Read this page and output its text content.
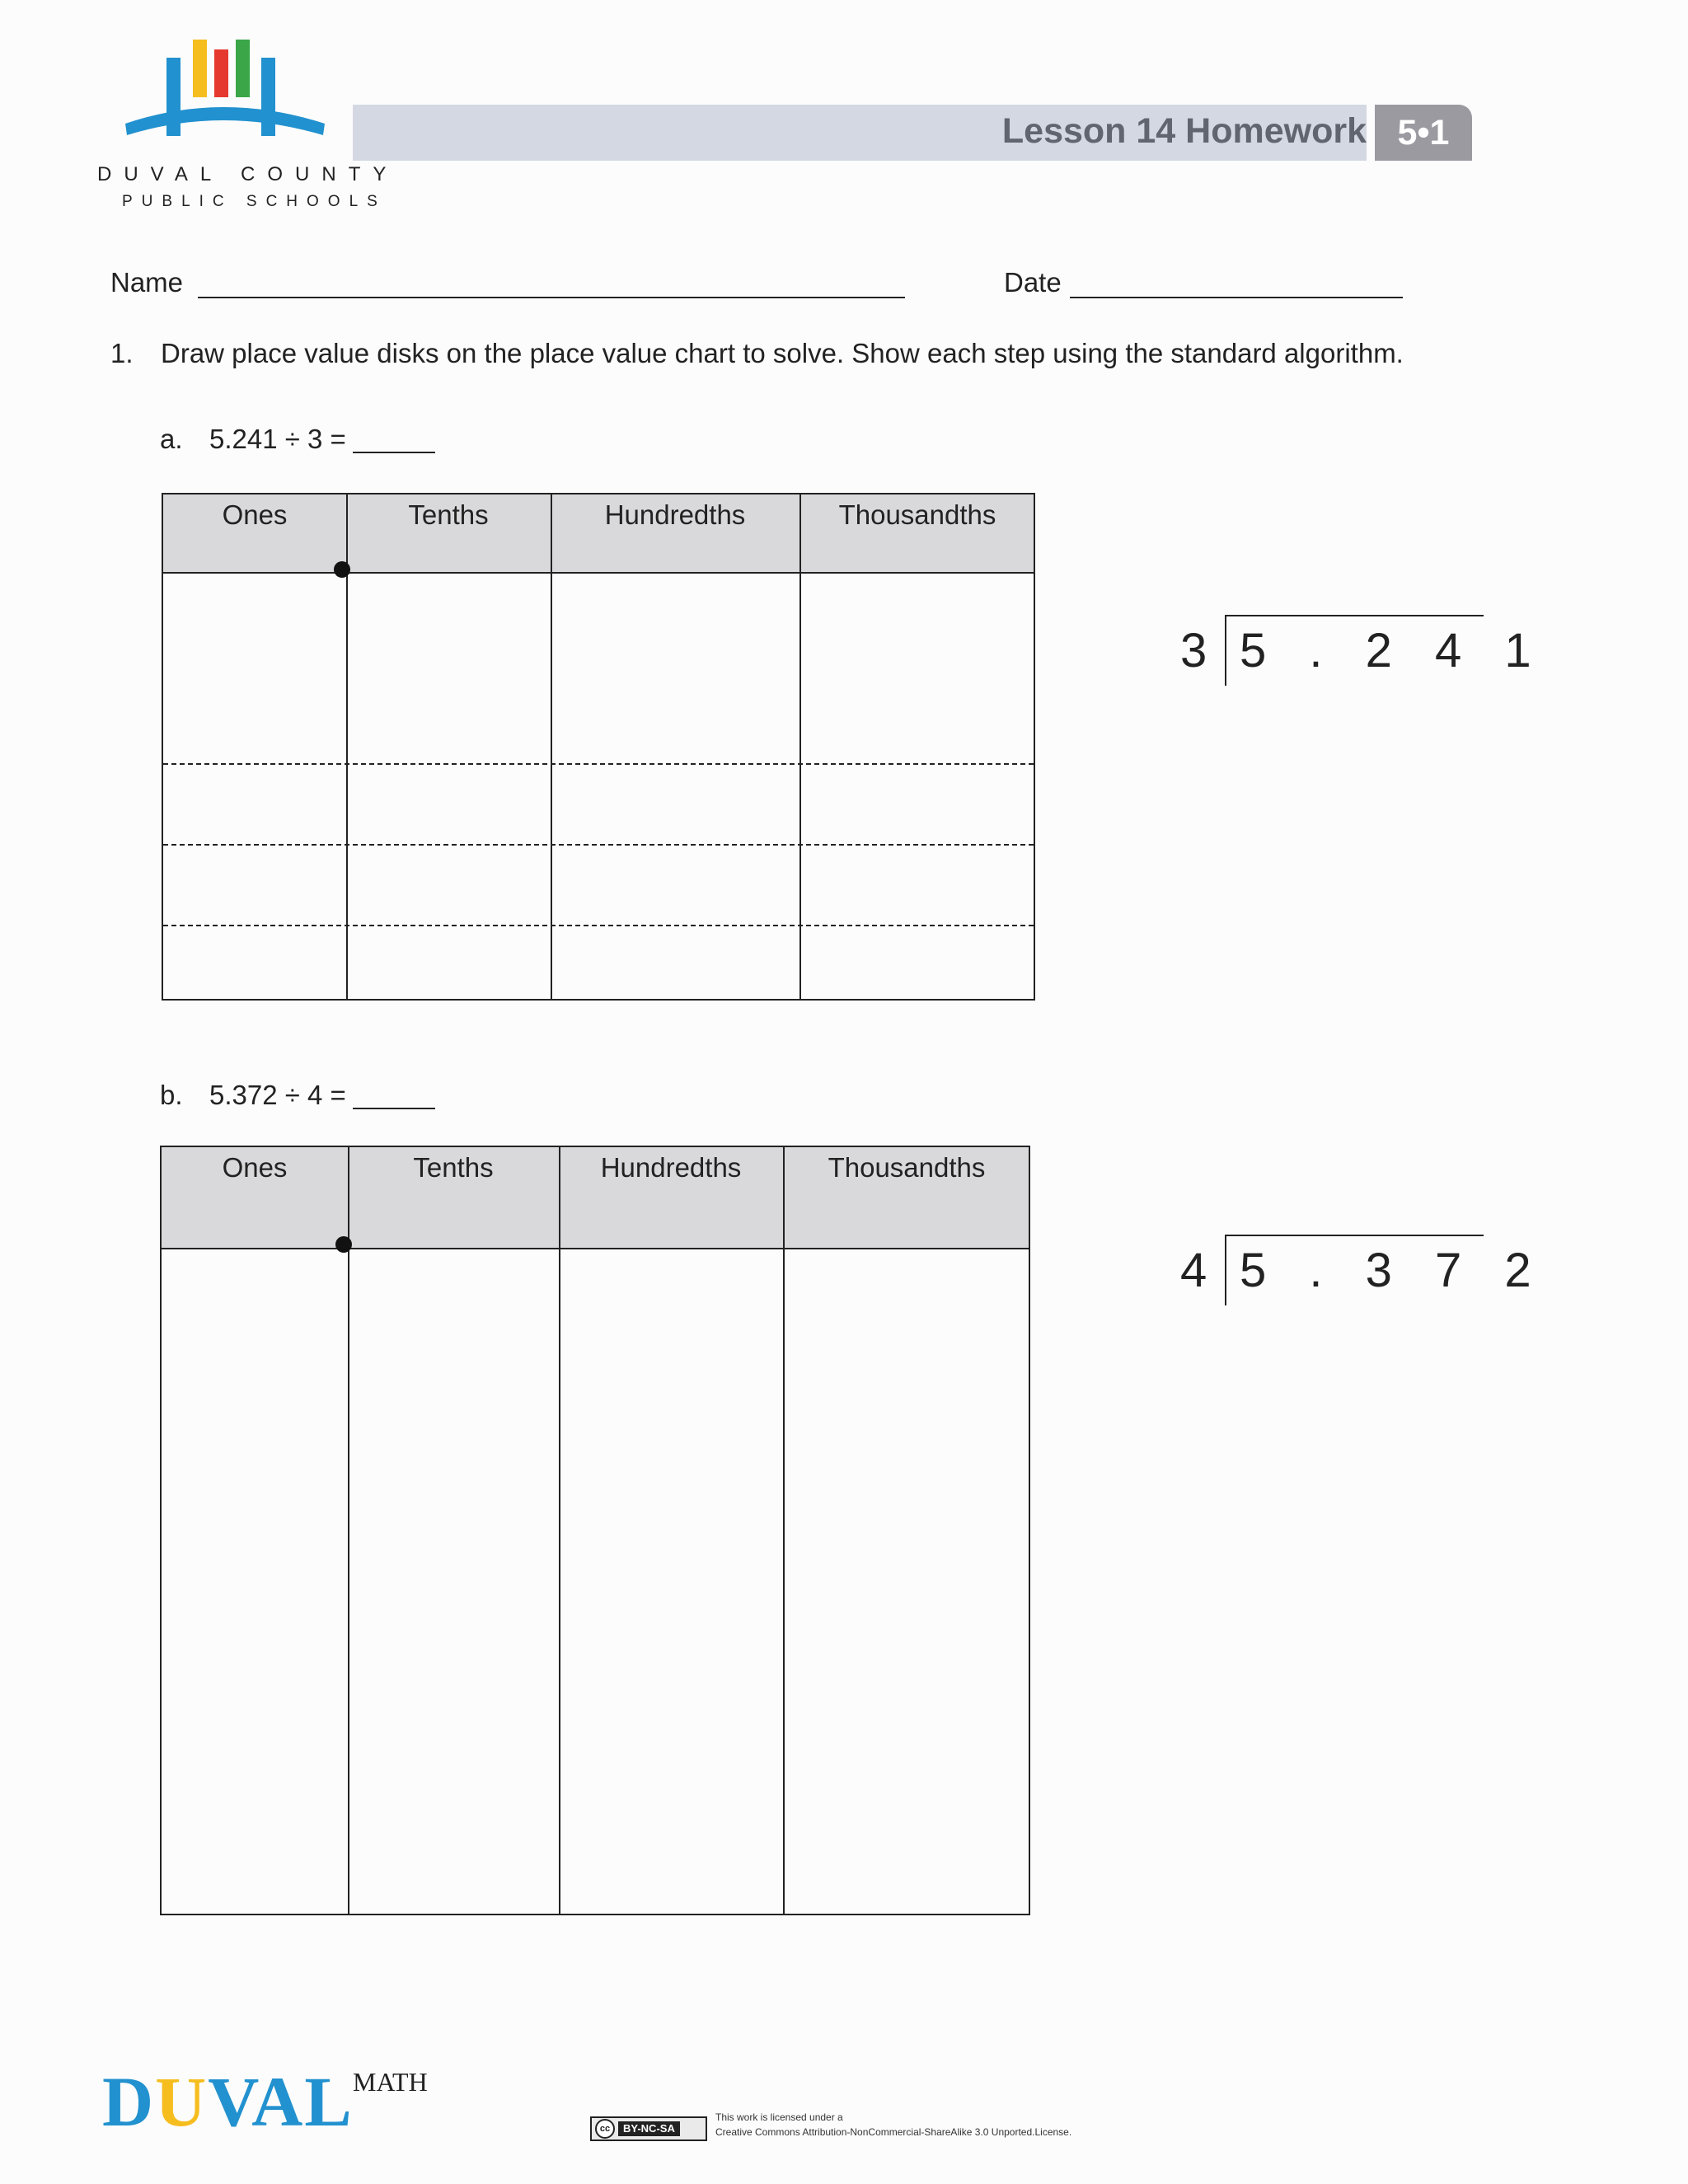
DUVAL COUNTY
PUBLIC SCHOOLS
Lesson 14 Homework 5•1
Name	Date
1. Draw place value disks on the place value chart to solve. Show each step using the standard algorithm.
a. 5.241 ÷ 3 =
Ones	Tenths	Hundredths	Thousandths
3 5 . 2 4 1
b. 5.372 ÷ 4 =
Ones	Tenths	Hundredths	Thousandths
4 5 . 3 7 2
DUVAL MATH
cc	BY-NC-SA
This work is licensed under a
Creative Commons Attribution-NonCommercial-ShareAlike 3.0 Unported.License.
